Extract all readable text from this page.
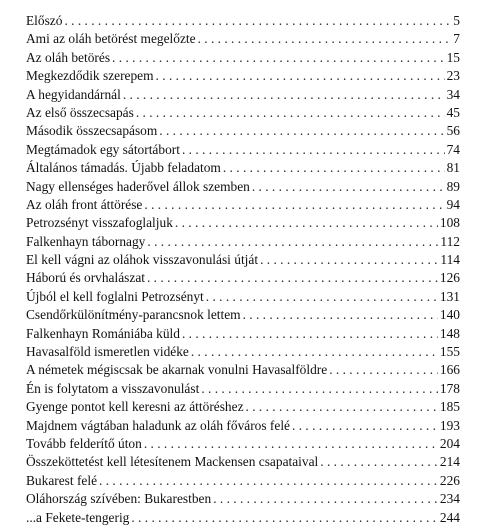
Előszó . . .	5
Ami az oláh betörést megelőzte . . .	7
Az oláh betörés . . .	15
Megkezdődik szerepem . . .	23
A hegyidandárnál . . .	34
Az első összecsapás . . .	45
Második összecsapásom . . .	56
Megtámadok egy sátortábort . . .	74
Általános támadás. Újabb feladatom . . .	81
Nagy ellenséges haderővel állok szemben . . .	89
Az oláh front áttörése . . .	94
Petrozsényt visszafoglaljuk . . .	108
Falkenhayn tábornagy . . .	112
El kell vágni az oláhok visszavonulási útját . . .	114
Háború és orvhalászat . . .	126
Újból el kell foglalni Petrozsényt . . .	131
Csendőrkülönítmény-parancsnok lettem . . .	140
Falkenhayn Romániába küld . . .	148
Havasalföld ismeretlen vidéke . . .	155
A németek mégiscsak be akarnak vonulni Havasalföldre . . .	166
Én is folytatom a visszavonulást . . .	178
Gyenge pontot kell keresni az áttöréshez . . .	185
Majdnem vágtában haladunk az oláh főváros felé . . .	193
Tovább felderítő úton . . .	204
Összeköttetést kell létesítenem Mackensen csapataival . . .	214
Bukarest felé . . .	226
Oláhország szívében: Bukarestben . . .	234
...a Fekete-tengerig . . .	244
